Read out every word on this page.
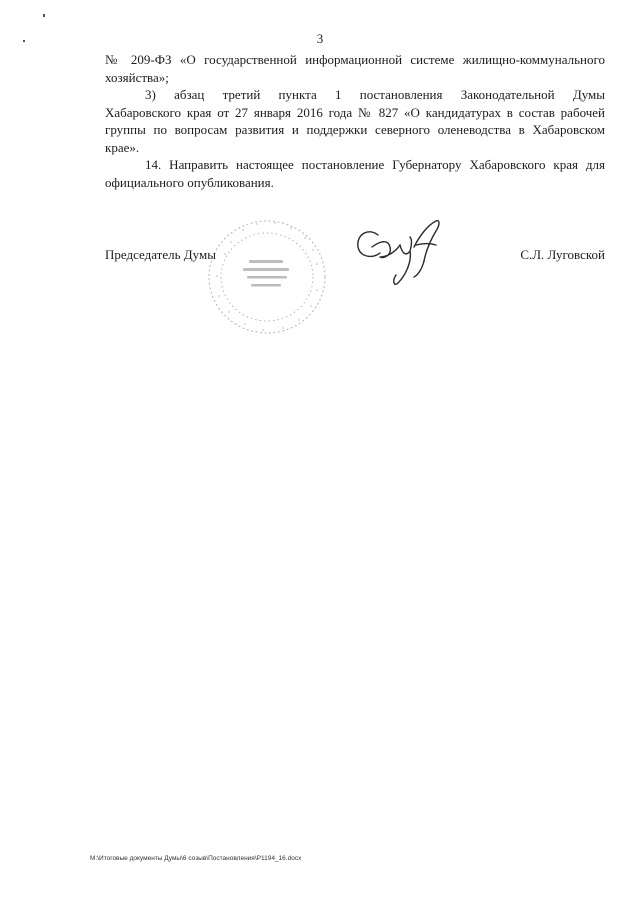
3
№ 209-ФЗ «О государственной информационной системе жилищно-коммунального
хозяйства»;
3) абзац третий пункта 1 постановления Законодательной Думы
Хабаровского края от 27 января 2016 года № 827 «О кандидатурах в состав рабочей
группы по вопросам развития и поддержки северного оленеводства в Хабаровском
крае».
14. Направить настоящее постановление Губернатору Хабаровского края для
официального опубликования.
Председатель Думы	С.Л. Луговской
M:\Итоговые документы Думы\6 созыв\Постановления\P1194_16.docx
